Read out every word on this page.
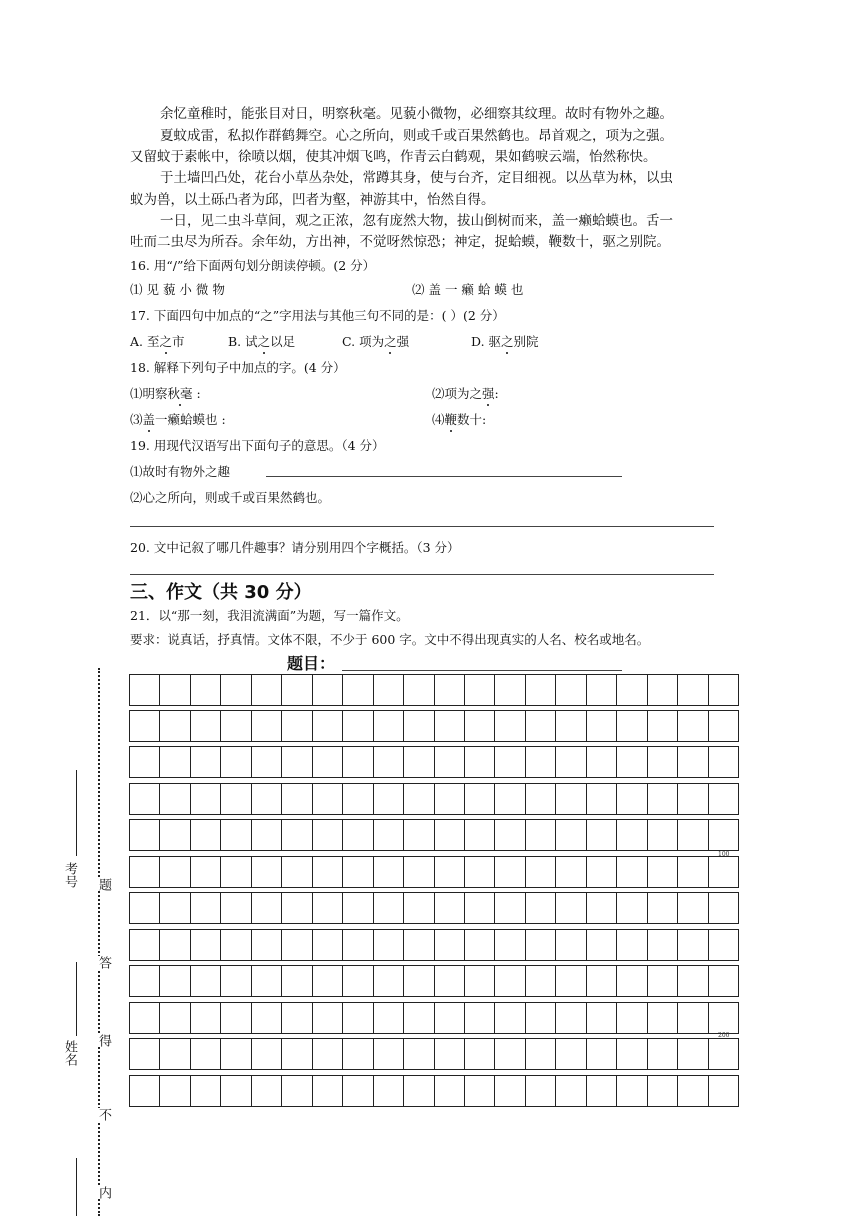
余忆童稚时，能张目对日，明察秋毫。见藐小微物，必细察其纹理。故时有物外之趣。
夏蚊成雷，私拟作群鹤舞空。心之所向，则或千或百果然鹤也。昂首观之，项为之强。
又留蚊于素帐中，徐喷以烟，使其冲烟飞鸣，作青云白鹤观，果如鹤唳云端，怡然称快。
于土墙凹凸处，花台小草丛杂处，常蹲其身，使与台齐，定目细视。以丛草为林，以虫
蚁为兽，以土砾凸者为邱，凹者为壑，神游其中，怡然自得。
一日，见二虫斗草间，观之正浓，忽有庞然大物，拔山倒树而来，盖一癞蛤蟆也。舌一
吐而二虫尽为所吞。余年幼，方出神，不觉呀然惊恐；神定，捉蛤蟆，鞭数十，驱之别院。
16. 用“/”给下面两句划分朗读停顿。(2 分）
⑴ 见 藐 小 微 物	⑵ 盖 一 癞 蛤 蟆 也
17. 下面四句中加点的“之”字用法与其他三句不同的是：( ）(2 分）
A. 至之市	B. 试之以足	C. 项为之强	D. 驱之别院
18. 解释下列句子中加点的字。(4 分）
⑴明察秋毫 :	⑵项为之强:
⑶盖一癞蛤蟆也 :	⑷鞭数十:
19. 用现代汉语写出下面句子的意思。（4 分）
⑴故时有物外之趣
⑵心之所向，则或千或百果然鹤也。
20. 文中记叙了哪几件趣事？请分别用四个字概括。（3 分）
三、作文（共 30 分）
21．以“那一刻，我泪流满面”为题，写一篇作文。
要求：说真话，抒真情。文体不限，不少于 600 字。文中不得出现真实的人名、校名或地名。
题目：
100
200
考号
姓名
题
答
得
不
内
